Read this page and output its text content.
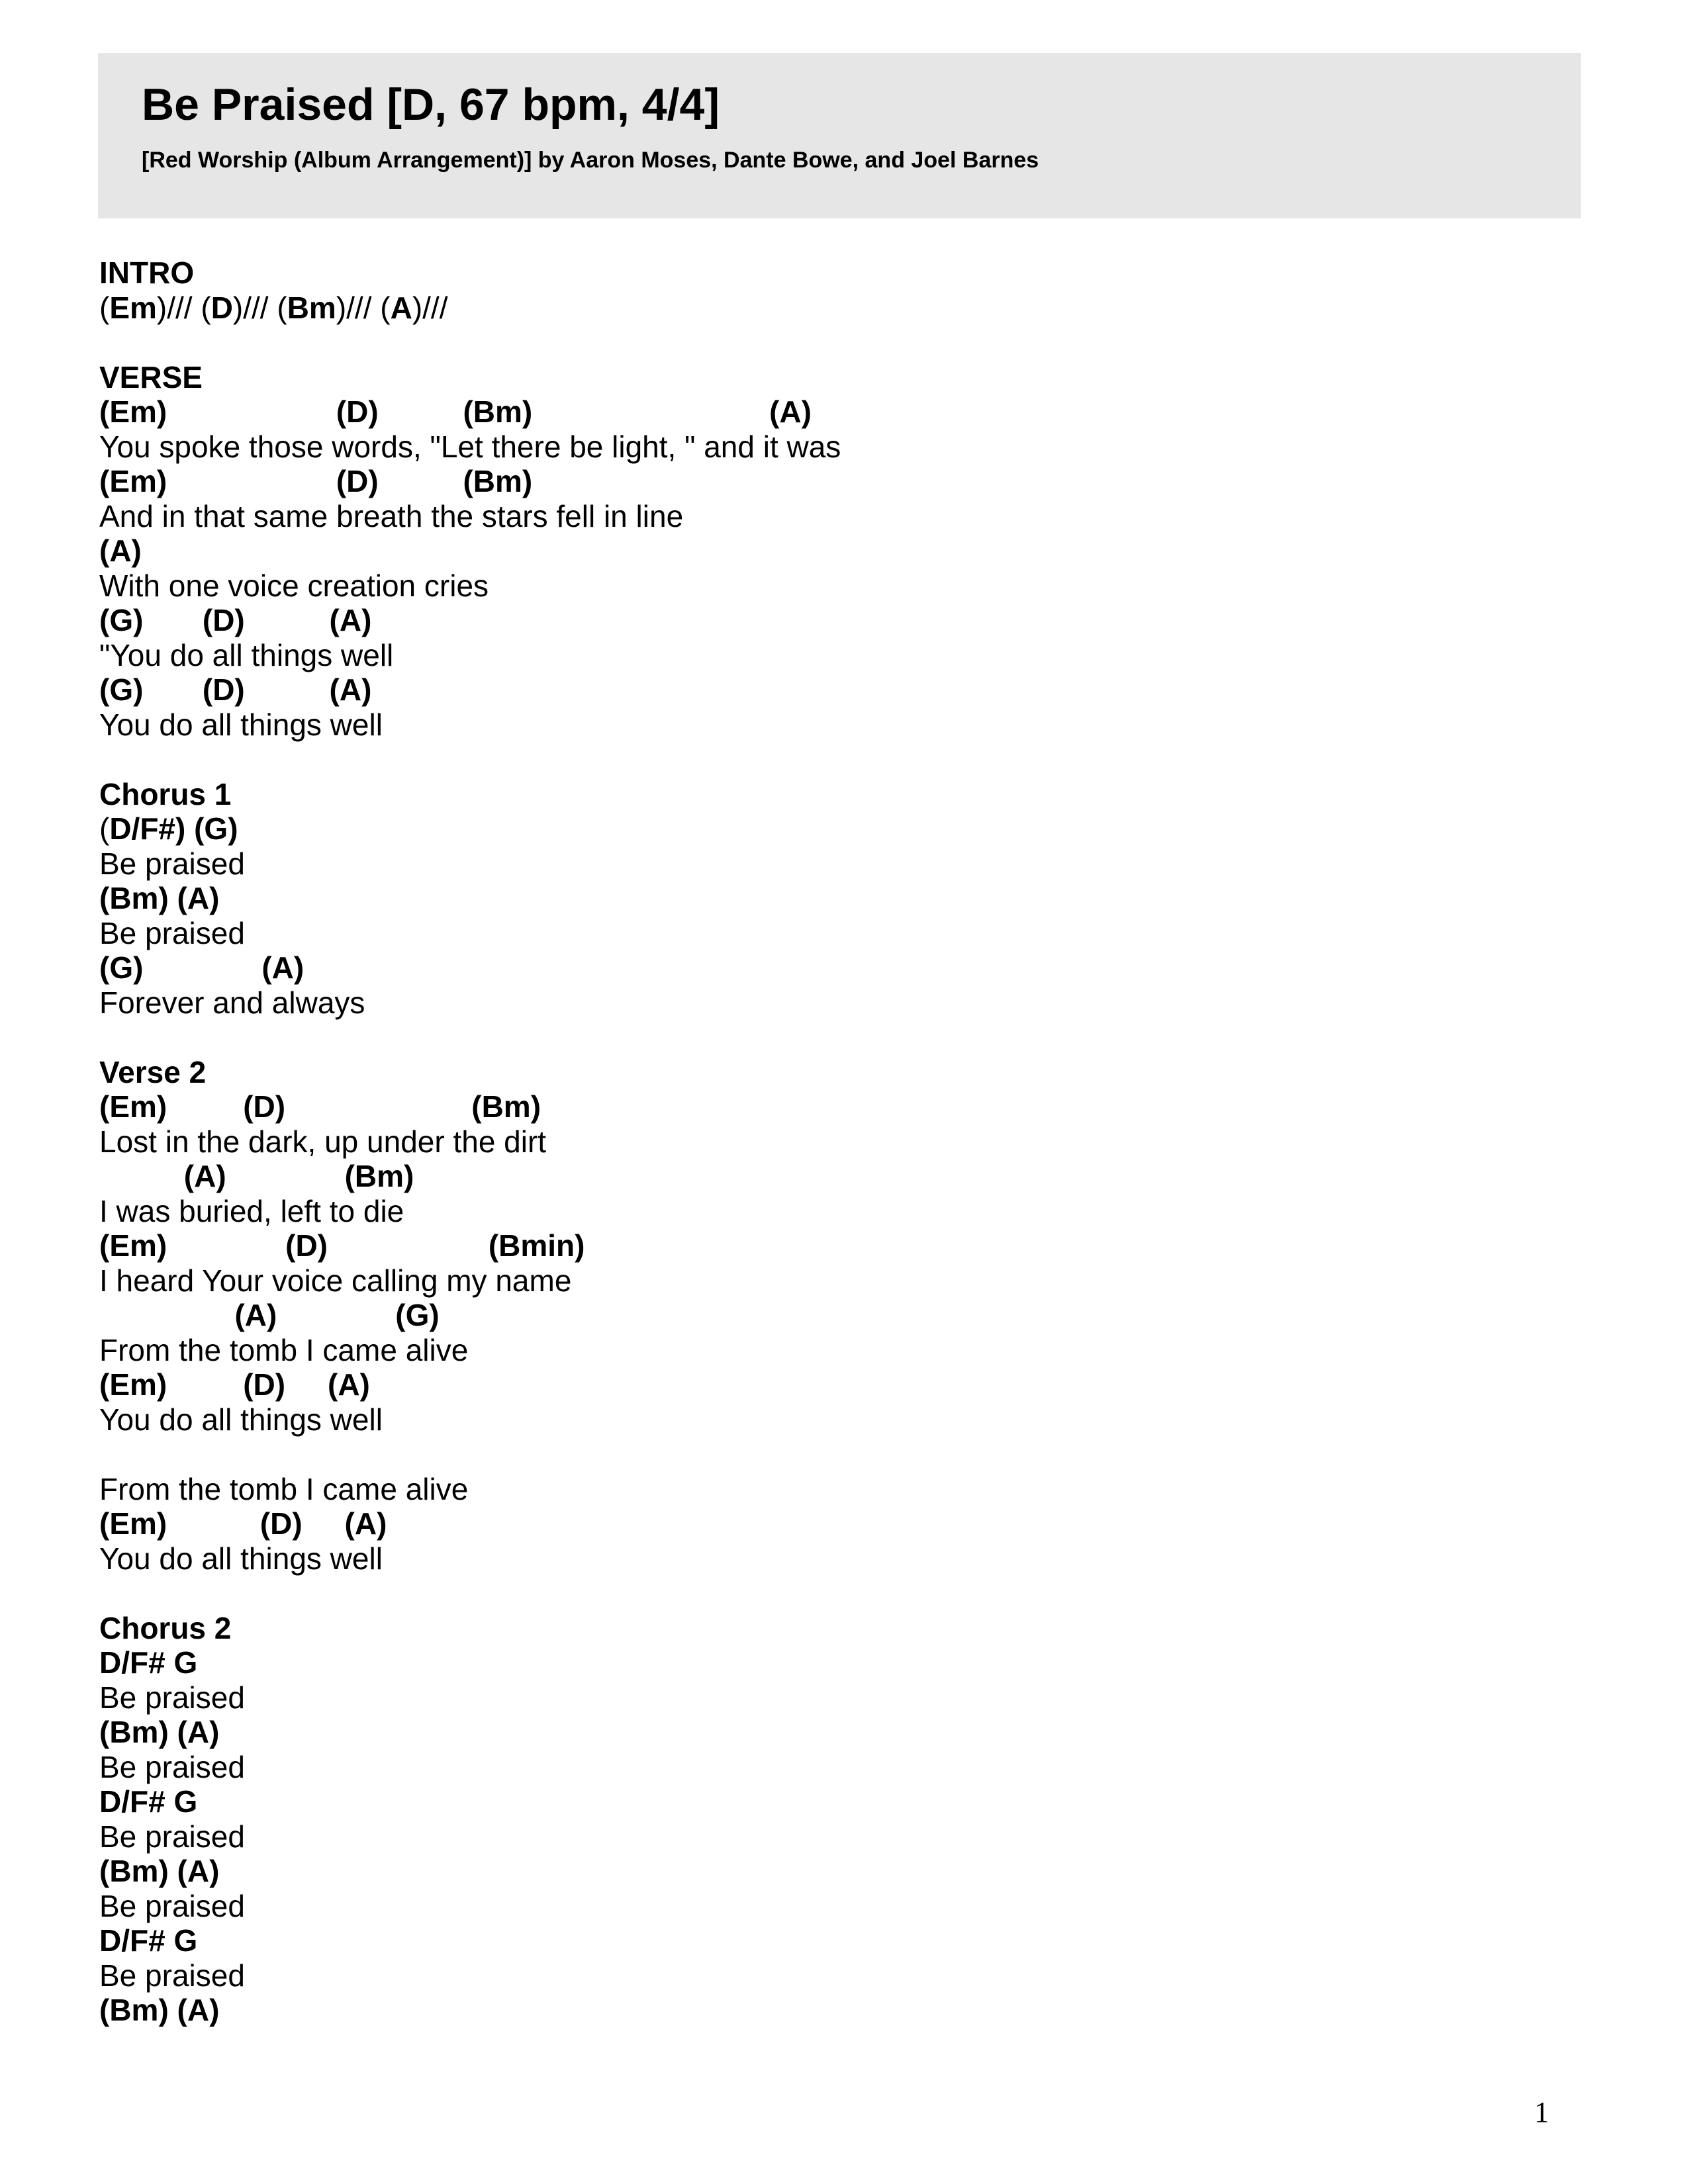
Be Praised [D, 67 bpm, 4/4]

[Red Worship (Album Arrangement)] by Aaron Moses, Dante Bowe, and Joel Barnes

INTRO
(Em)/// (D)/// (Bm)/// (A)///
VERSE
(Em)                    (D)          (Bm)                            (A)
You spoke those words, "Let there be light, " and it was
(Em)                    (D)          (Bm)
And in that same breath the stars fell in line
(A)
With one voice creation cries
(G)       (D)          (A)
"You do all things well
(G)       (D)          (A)
You do all things well
Chorus 1
(D/F#) (G)
Be praised
(Bm) (A)
Be praised
(G)              (A)
Forever and always
Verse 2
(Em)         (D)                      (Bm)
Lost in the dark, up under the dirt
(A)              (Bm)
I was buried, left to die
(Em)              (D)                   (Bmin)
I heard Your voice calling my name
(A)              (G)
From the tomb I came alive
(Em)         (D)     (A)
You do all things well
From the tomb I came alive
(Em)           (D)     (A)
You do all things well
Chorus 2
D/F# G
Be praised
(Bm) (A)
Be praised
D/F# G
Be praised
(Bm) (A)
Be praised
D/F# G
Be praised
(Bm) (A)
1
